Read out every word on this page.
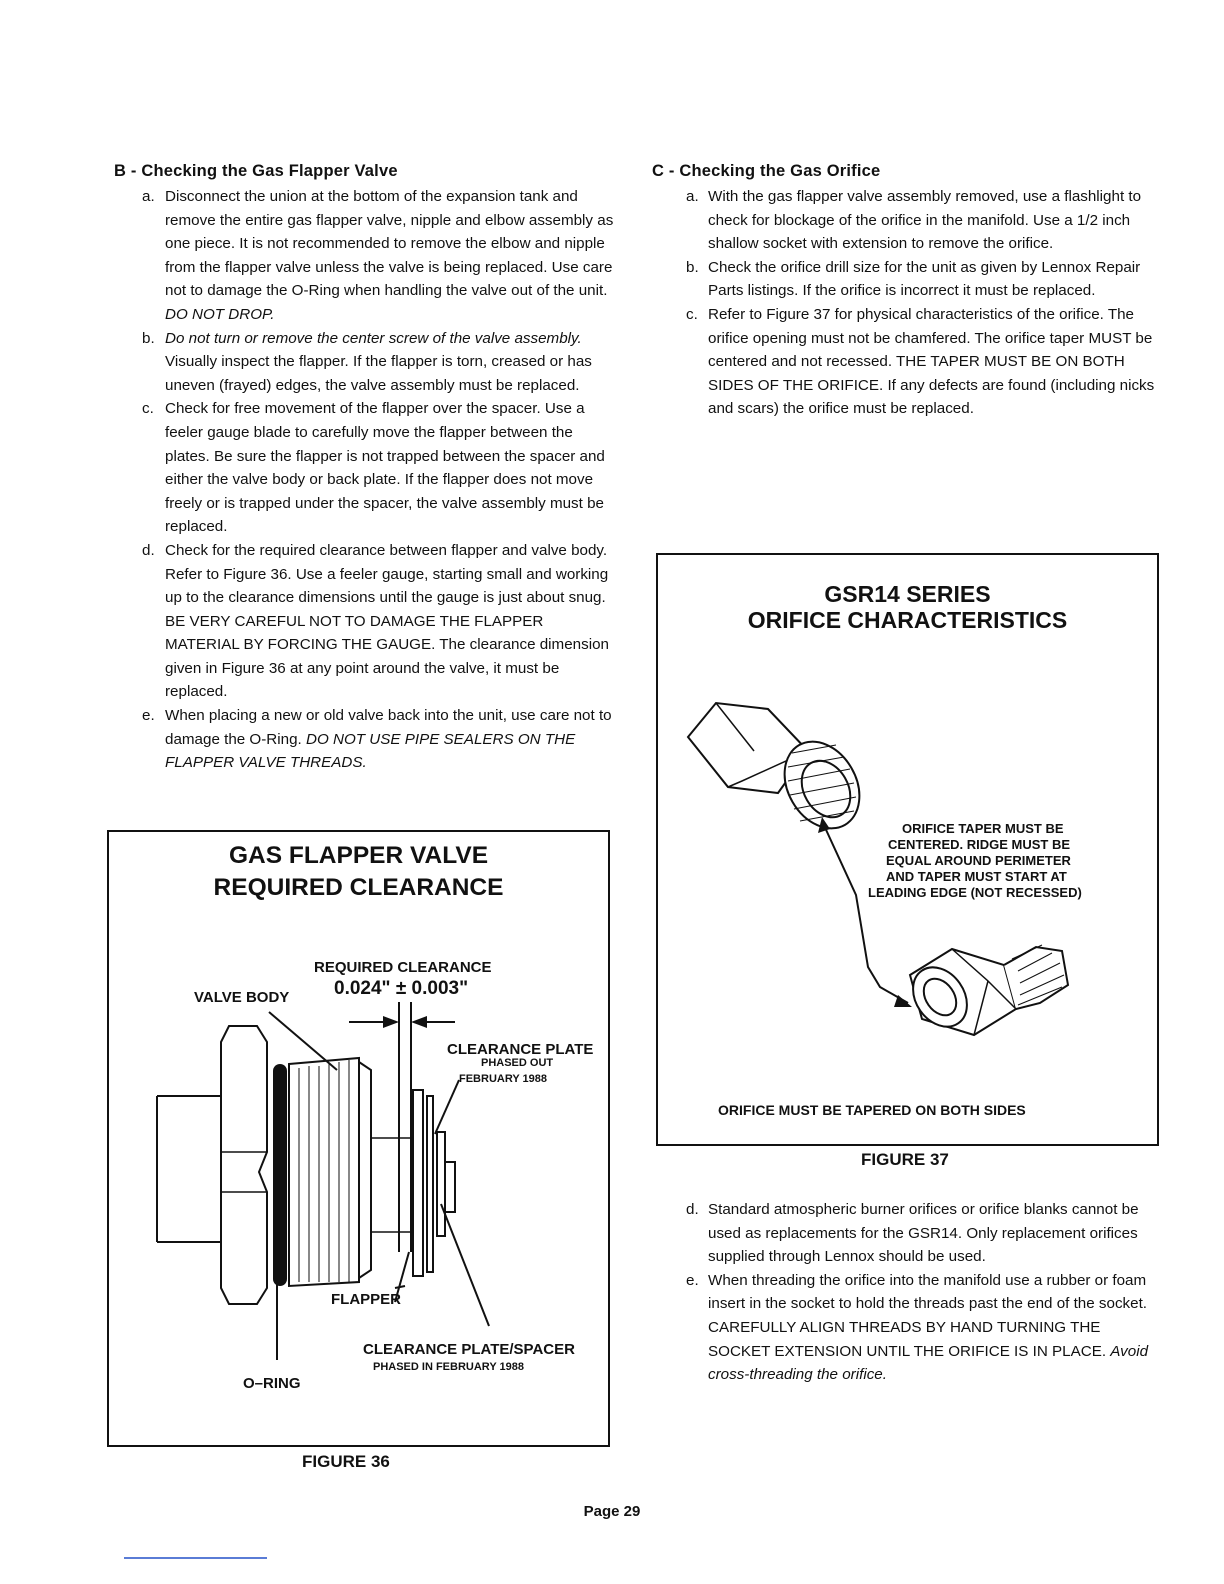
B - Checking the Gas Flapper Valve

a. Disconnect the union at the bottom of the expansion tank and remove the entire gas flapper valve, nipple and elbow assembly as one piece. It is not recommended to remove the elbow and nipple from the flapper valve unless the valve is being replaced. Use care not to damage the O-Ring when handling the valve out of the unit. DO NOT DROP.

b. Do not turn or remove the center screw of the valve assembly. Visually inspect the flapper. If the flapper is torn, creased or has uneven (frayed) edges, the valve assembly must be replaced.

c. Check for free movement of the flapper over the spacer. Use a feeler gauge blade to carefully move the flapper between the plates. Be sure the flapper is not trapped between the spacer and either the valve body or back plate. If the flapper does not move freely or is trapped under the spacer, the valve assembly must be replaced.

d. Check for the required clearance between flapper and valve body. Refer to Figure 36. Use a feeler gauge, starting small and working up to the clearance dimensions until the gauge is just about snug. BE VERY CAREFUL NOT TO DAMAGE THE FLAPPER MATERIAL BY FORCING THE GAUGE. The clearance dimension given in Figure 36 at any point around the valve, it must be replaced.

e. When placing a new or old valve back into the unit, use care not to damage the O-Ring. DO NOT USE PIPE SEALERS ON THE FLAPPER VALVE THREADS.

GAS FLAPPER VALVE
REQUIRED CLEARANCE
REQUIRED CLEARANCE
0.024" ± 0.003"
VALVE BODY
CLEARANCE PLATE
PHASED OUT
FEBRUARY 1988
FLAPPER
CLEARANCE PLATE/SPACER
PHASED IN FEBRUARY 1988
O–RING
FIGURE 36
C - Checking the Gas Orifice

a. With the gas flapper valve assembly removed, use a flashlight to check for blockage of the orifice in the manifold. Use a 1/2 inch shallow socket with extension to remove the orifice.

b. Check the orifice drill size for the unit as given by Lennox Repair Parts listings. If the orifice is incorrect it must be replaced.

c. Refer to Figure 37 for physical characteristics of the orifice. The orifice opening must not be chamfered. The orifice taper MUST be centered and not recessed. THE TAPER MUST BE ON BOTH SIDES OF THE ORIFICE. If any defects are found (including nicks and scars) the orifice must be replaced.

GSR14 SERIES
ORIFICE CHARACTERISTICS
ORIFICE TAPER MUST BE
CENTERED. RIDGE MUST BE
EQUAL AROUND PERIMETER
AND TAPER MUST START AT
LEADING EDGE (NOT RECESSED)
ORIFICE MUST BE TAPERED ON BOTH SIDES
FIGURE 37

d. Standard atmospheric burner orifices or orifice blanks cannot be used as replacements for the GSR14. Only replacement orifices supplied through Lennox should be used.

e. When threading the orifice into the manifold use a rubber or foam insert in the socket to hold the threads past the end of the socket. CAREFULLY ALIGN THREADS BY HAND TURNING THE SOCKET EXTENSION UNTIL THE ORIFICE IS IN PLACE. Avoid cross-threading the orifice.

Page 29
